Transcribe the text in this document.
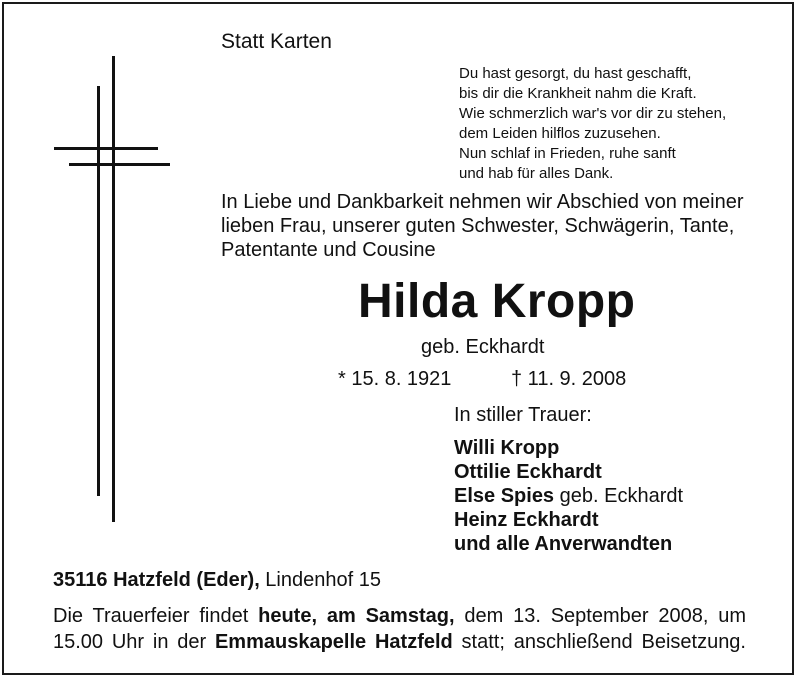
Statt Karten
Du hast gesorgt, du hast geschafft,
bis dir die Krankheit nahm die Kraft.
Wie schmerzlich war's vor dir zu stehen,
dem Leiden hilflos zuzusehen.
Nun schlaf in Frieden, ruhe sanft
und hab für alles Dank.
In Liebe und Dankbarkeit nehmen wir Abschied von meiner
lieben Frau, unserer guten Schwester, Schwägerin, Tante,
Patentante und Cousine
Hilda Kropp
geb. Eckhardt
* 15. 8. 1921	† 11. 9. 2008
In stiller Trauer:
Willi Kropp
Ottilie Eckhardt
Else Spies geb. Eckhardt
Heinz Eckhardt
und alle Anverwandten
35116 Hatzfeld (Eder), Lindenhof 15
Die Trauerfeier findet heute, am Samstag, dem 13. September 2008, um
15.00 Uhr in der Emmauskapelle Hatzfeld statt; anschließend Beisetzung.
